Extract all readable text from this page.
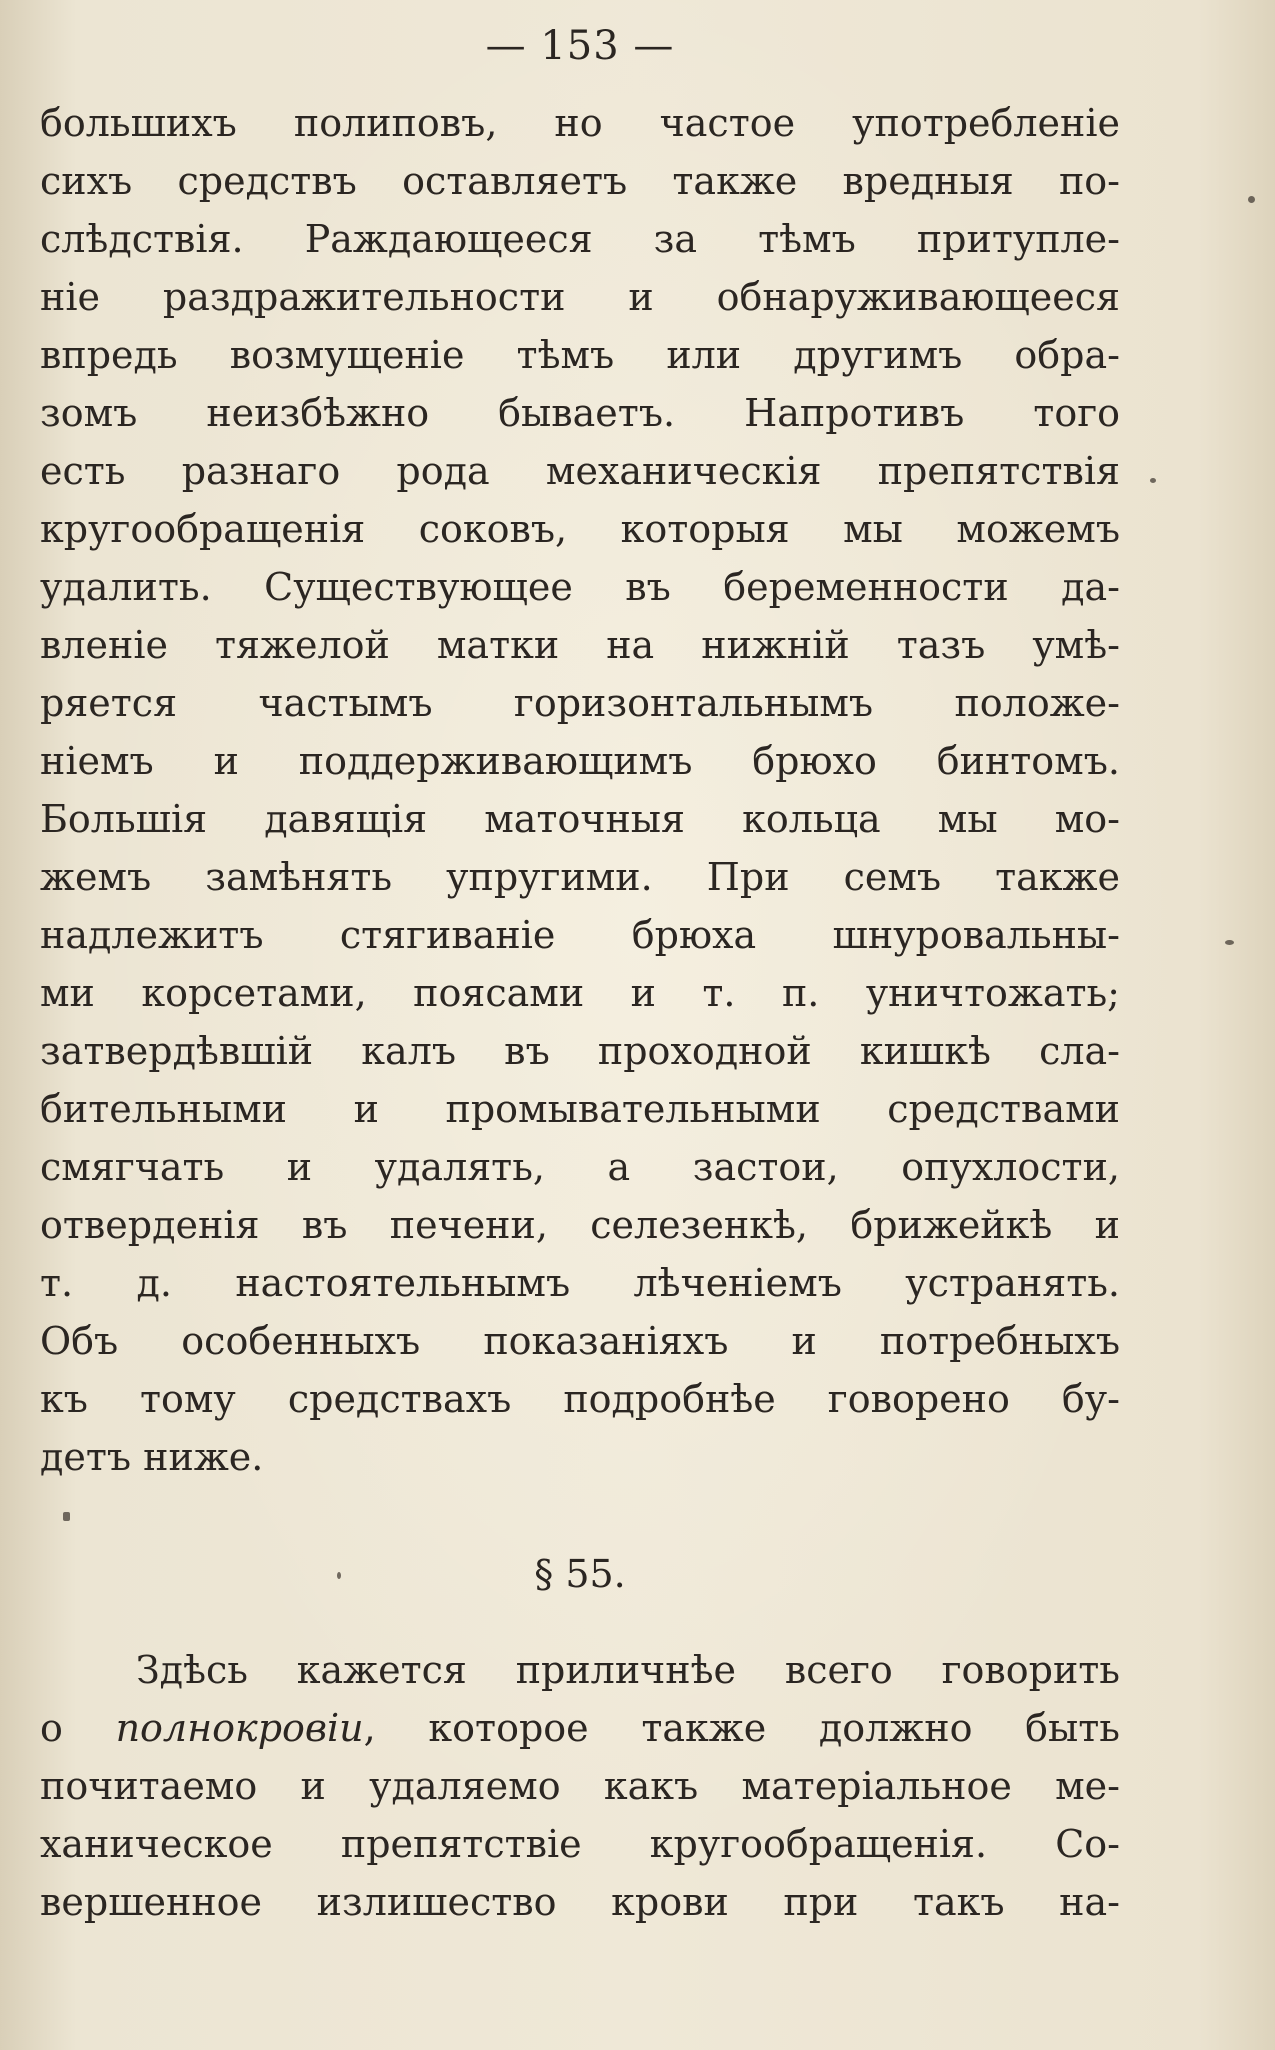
— 153 —
большихъ полиповъ, но частое употребленіе
сихъ средствъ оставляетъ также вредныя по-
слѣдствія. Раждающееся за тѣмъ притупле-
ніе раздражительности и обнаруживающееся
впредь возмущеніе тѣмъ или другимъ обра-
зомъ неизбѣжно бываетъ. Напротивъ того
есть разнаго рода механическія препятствія
кругообращенія соковъ, которыя мы можемъ
удалить. Существующее въ беременности да-
вленіе тяжелой матки на нижній тазъ умѣ-
ряется частымъ горизонтальнымъ положе-
ніемъ и поддерживающимъ брюхо бинтомъ.
Большія давящія маточныя кольца мы мо-
жемъ замѣнять упругими. При семъ также
надлежитъ стягиваніе брюха шнуровальны-
ми корсетами, поясами и т. п. уничтожать;
затвердѣвшій калъ въ проходной кишкѣ сла-
бительными и промывательными средствами
смягчать и удалять, а застои, опухлости,
отверденія въ печени, селезенкѣ, брижейкѣ и
т. д. настоятельнымъ лѣченіемъ устранять.
Объ особенныхъ показаніяхъ и потребныхъ
къ тому средствахъ подробнѣе говорено бу-
детъ ниже.
§ 55.
Здѣсь кажется приличнѣе всего говорить
о полнокровіи, которое также должно быть
почитаемо и удаляемо какъ матеріальное ме-
ханическое препятствіе кругообращенія. Со-
вершенное излишество крови при такъ на-
